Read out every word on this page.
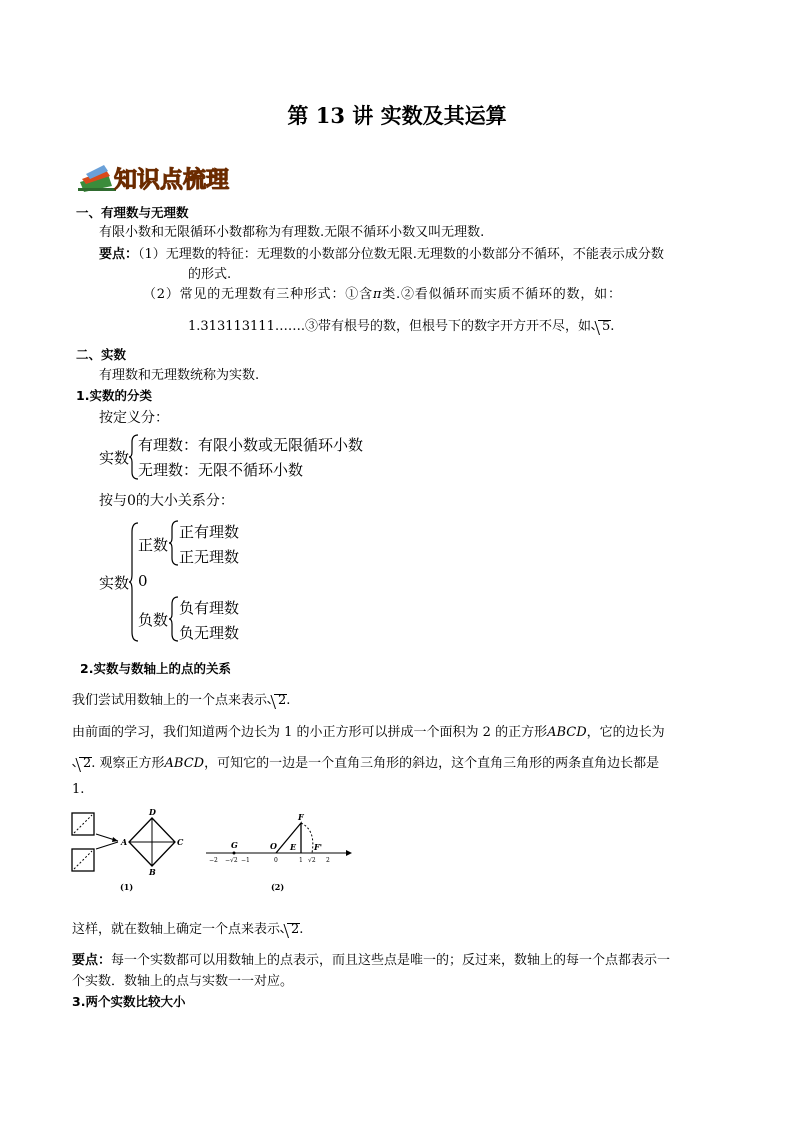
第 13 讲 实数及其运算
知识点梳理
一、有理数与无理数
有限小数和无限循环小数都称为有理数.无限不循环小数又叫无理数.
要点：（1）无理数的特征：无理数的小数部分位数无限.无理数的小数部分不循环，不能表示成分数
的形式.
（2）常见的无理数有三种形式：①含π类.②看似循环而实质不循环的数，如：
1.313113111…….③带有根号的数，但根号下的数字开方开不尽，如 5.
二、实数
有理数和无理数统称为实数.
1.实数的分类
按定义分：
实数
有理数：有限小数或无限循环小数
无理数：无限不循环小数
按与0的大小关系分：
实数
正数
正有理数
正无理数
0
负数
负有理数
负无理数
2.实数与数轴上的点的关系
我们尝试用数轴上的一个点来表示 2.
由前面的学习，我们知道两个边长为 1 的小正方形可以拼成一个面积为 2 的正方形ABCD，它的边长为
2. 观察正方形ABCD，可知它的一边是一个直角三角形的斜边，这个直角三角形的两条直角边长都是
1.
D
A	C
B
F
G	O E F'
−2 −√2 −1	0	1 √2 2
(1)	(2)
这样，就在数轴上确定一个点来表示 2.
要点：每一个实数都可以用数轴上的点表示，而且这些点是唯一的；反过来，数轴上的每一个点都表示一
个实数．数轴上的点与实数一一对应。
3.两个实数比较大小
